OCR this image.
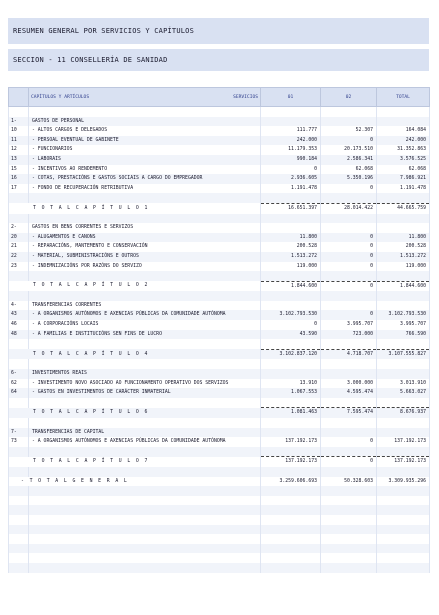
RESUMEN GENERAL POR SERVICIOS Y CAPÍTULOS
SECCION - 11 CONSELLERÍA DE SANIDAD
	CAPÍTULOS Y ARTÍCULOS SERVICIOS	01	02	TOTAL

1-	GASTOS DE PERSONAL			
10	- ALTOS CARGOS E DELEGADOS	111.777	52.307	164.084
11	- PERSOAL EVENTUAL DE GABINETE	242.000	0	242.000
12	- FUNCIONARIOS	11.179.353	20.173.510	31.352.863
13	- LABORAIS	990.184	2.586.341	3.576.525
15	- INCENTIVOS AO RENDEMENTO	0	62.068	62.068
16	- COTAS, PRESTACIÓNS E GASTOS SOCIAIS A CARGO DO EMPREGADOR	2.936.605	5.350.196	7.986.921
17	- FONDO DE RECUPERACIÓN RETRIBUTIVA	1.191.478	0	1.191.478

T O T A L C A P Í T U L O 1		16.651.397	28.014.422	44.665.759

2-	GASTOS EN BENS CORRENTES E SERVIZOS			
20	- ALUGAMENTOS E CANONS	11.800	0	11.800
21	- REPARACIÓNS, MANTEMENTO E CONSERVACIÓN	200.528	0	200.528
22	- MATERIAL, SUBMINISTRACIÓNS E OUTROS	1.513.272	0	1.513.272
23	- INDEMNIZACIÓNS POR RAZÓNS DO SERVIZO	119.000	0	119.000

T O T A L C A P Í T U L O 2		1.844.600	0	1.844.600

4-	TRANSFERENCIAS CORRENTES			
43	- A ORGANISMOS AUTÓNOMOS E AXENCIAS PÚBLICAS DA COMUNIDADE AUTÓNOMA	3.102.793.530	0	3.102.793.530
46	- A CORPORACIÓNS LOCAIS	0	3.995.707	3.995.707
48	- A FAMILIAS E INSTITUCIÓNS SEN FINS DE LUCRO	43.590	723.000	766.590

T O T A L C A P Í T U L O 4		3.102.837.120	4.718.707	3.107.555.827

6-	INVESTIMENTOS REAIS			
62	- INVESTIMENTO NOVO ASOCIADO AO FUNCIONAMENTO OPERATIVO DOS SERVIZOS	13.910	3.000.000	3.013.910
64	- GASTOS EN INVESTIMENTOS DE CARÁCTER INMATERIAL	1.067.553	4.595.474	5.663.027

T O T A L C A P Í T U L O 6		1.081.463	7.595.474	8.676.937

7-	TRANSFERENCIAS DE CAPITAL			
73	- A ORGANISMOS AUTÓNOMOS E AXENCIAS PÚBLICAS DA COMUNIDADE AUTÓNOMA	137.192.173	0	137.192.173

T O T A L C A P Í T U L O 7		137.192.173	0	137.192.173

- T O T A L G E N E R A L		3.259.606.693	50.328.603	3.309.935.296
